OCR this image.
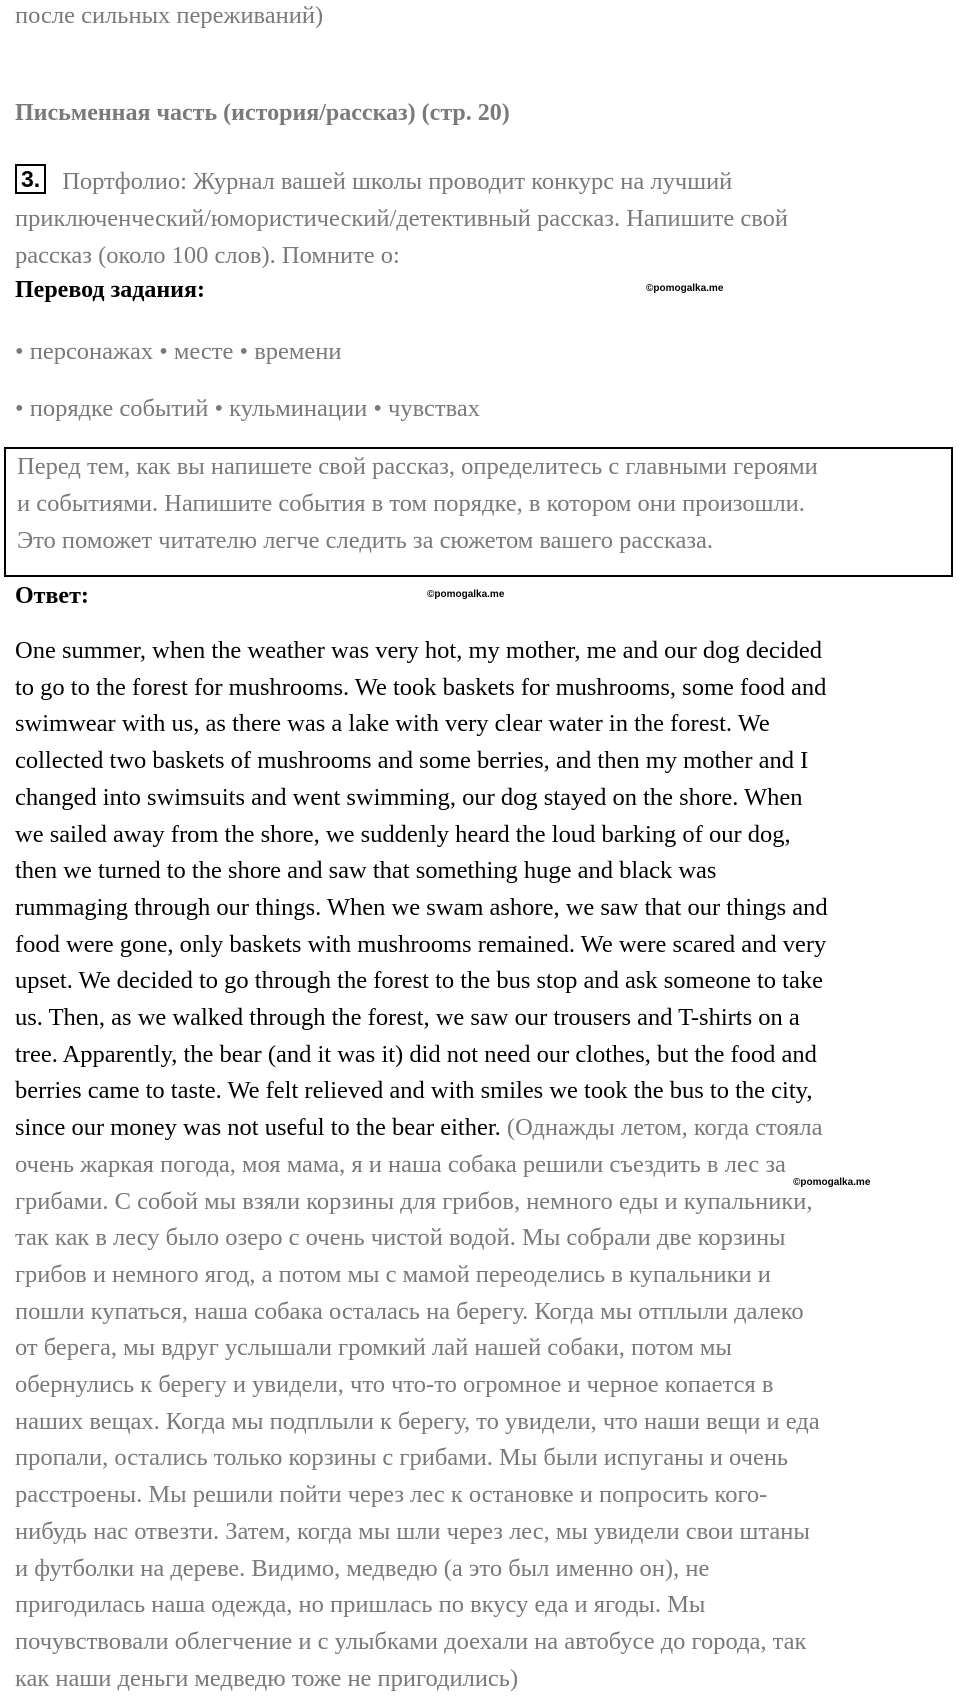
после сильных переживаний)
Письменная часть (история/рассказ) (стр. 20)
3. Портфолио: Журнал вашей школы проводит конкурс на лучший
приключенческий/юмористический/детективный рассказ. Напишите свой
рассказ (около 100 слов). Помните о:
Перевод задания:	©pomogalka.me
• персонажах • месте • времени
• порядке событий • кульминации • чувствах
Перед тем, как вы напишете свой рассказ, определитесь с главными героями
и событиями. Напишите события в том порядке, в котором они произошли.
Это поможет читателю легче следить за сюжетом вашего рассказа.
Ответ:	©pomogalka.me
One summer, when the weather was very hot, my mother, me and our dog decided
to go to the forest for mushrooms. We took baskets for mushrooms, some food and
swimwear with us, as there was a lake with very clear water in the forest. We
collected two baskets of mushrooms and some berries, and then my mother and I
changed into swimsuits and went swimming, our dog stayed on the shore. When
we sailed away from the shore, we suddenly heard the loud barking of our dog,
then we turned to the shore and saw that something huge and black was
rummaging through our things. When we swam ashore, we saw that our things and
food were gone, only baskets with mushrooms remained. We were scared and very
upset. We decided to go through the forest to the bus stop and ask someone to take
us. Then, as we walked through the forest, we saw our trousers and T-shirts on a
tree. Apparently, the bear (and it was it) did not need our clothes, but the food and
berries came to taste. We felt relieved and with smiles we took the bus to the city,
since our money was not useful to the bear either. (Однажды летом, когда стояла
очень жаркая погода, моя мама, я и наша собака решили съездить в лес за
грибами. С собой мы взяли корзины для грибов, немного еды и купальники,
так как в лесу было озеро с очень чистой водой. Мы собрали две корзины
грибов и немного ягод, а потом мы с мамой переоделись в купальники и
пошли купаться, наша собака осталась на берегу. Когда мы отплыли далеко
от берега, мы вдруг услышали громкий лай нашей собаки, потом мы
обернулись к берегу и увидели, что что-то огромное и черное копается в
наших вещах. Когда мы подплыли к берегу, то увидели, что наши вещи и еда
пропали, остались только корзины с грибами. Мы были испуганы и очень
расстроены. Мы решили пойти через лес к остановке и попросить кого-
нибудь нас отвезти. Затем, когда мы шли через лес, мы увидели свои штаны
и футболки на дереве. Видимо, медведю (а это был именно он), не
пригодилась наша одежда, но пришлась по вкусу еда и ягоды. Мы
почувствовали облегчение и с улыбками доехали на автобусе до города, так
как наши деньги медведю тоже не пригодились)
©pomogalka.me
